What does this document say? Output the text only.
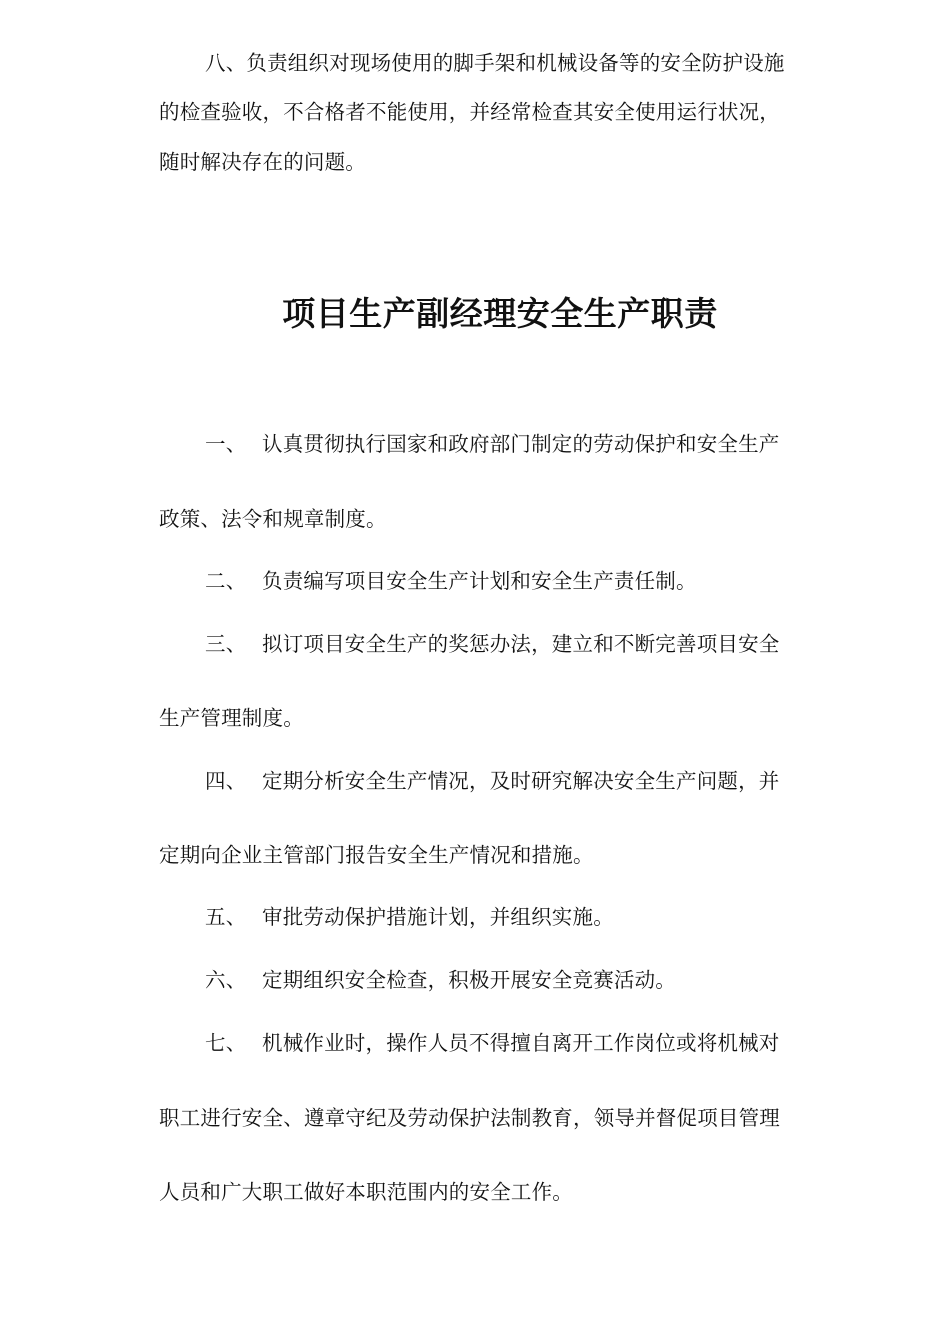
八、负责组织对现场使用的脚手架和机械设备等的安全防护设施
的检查验收，不合格者不能使用，并经常检查其安全使用运行状况，
随时解决存在的问题。
项目生产副经理安全生产职责
一、 认真贯彻执行国家和政府部门制定的劳动保护和安全生产
政策、法令和规章制度。
二、 负责编写项目安全生产计划和安全生产责任制。
三、 拟订项目安全生产的奖惩办法，建立和不断完善项目安全
生产管理制度。
四、 定期分析安全生产情况，及时研究解决安全生产问题，并
定期向企业主管部门报告安全生产情况和措施。
五、 审批劳动保护措施计划，并组织实施。
六、 定期组织安全检查，积极开展安全竞赛活动。
七、 机械作业时，操作人员不得擅自离开工作岗位或将机械对
职工进行安全、遵章守纪及劳动保护法制教育，领导并督促项目管理
人员和广大职工做好本职范围内的安全工作。
